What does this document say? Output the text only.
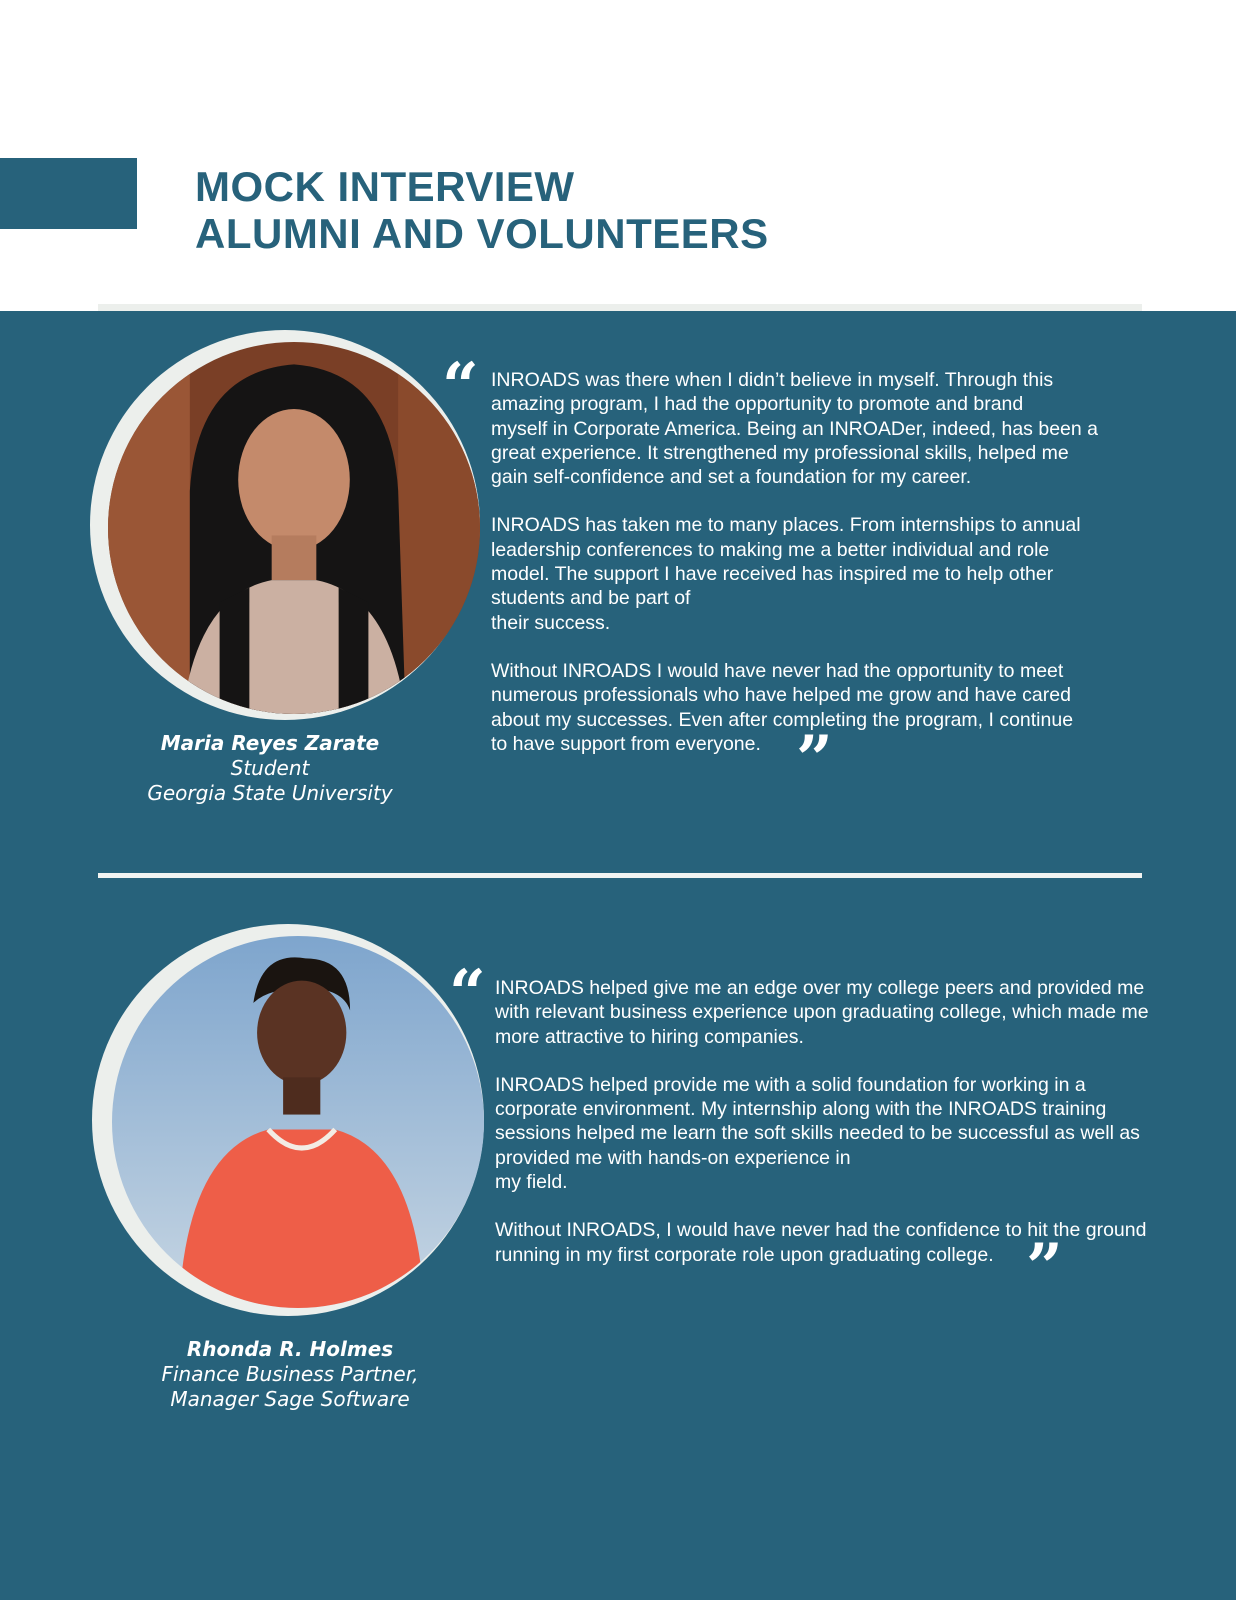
MOCK INTERVIEW
ALUMNI AND VOLUNTEERS
Maria Reyes Zarate
Student
Georgia State University
“ INROADS was there when I didn’t believe in myself. Through this
amazing program, I had the opportunity to promote and brand
myself in Corporate America. Being an INROADer, indeed, has been a
great experience. It strengthened my professional skills, helped me
gain self-confidence and set a foundation for my career.

INROADS has taken me to many places. From internships to annual
leadership conferences to making me a better individual and role
model. The support I have received has inspired me to help other
students and be part of
their success.

Without INROADS I would have never had the opportunity to meet
numerous professionals who have helped me grow and have cared
about my successes. Even after completing the program, I continue
to have support from everyone. ”
Rhonda R. Holmes
Finance Business Partner,
Manager Sage Software
“ INROADS helped give me an edge over my college peers and provided me
with relevant business experience upon graduating college, which made me
more attractive to hiring companies.

INROADS helped provide me with a solid foundation for working in a
corporate environment. My internship along with the INROADS training
sessions helped me learn the soft skills needed to be successful as well as
provided me with hands-on experience in
my field.

Without INROADS, I would have never had the confidence to hit the ground
running in my first corporate role upon graduating college. ”
